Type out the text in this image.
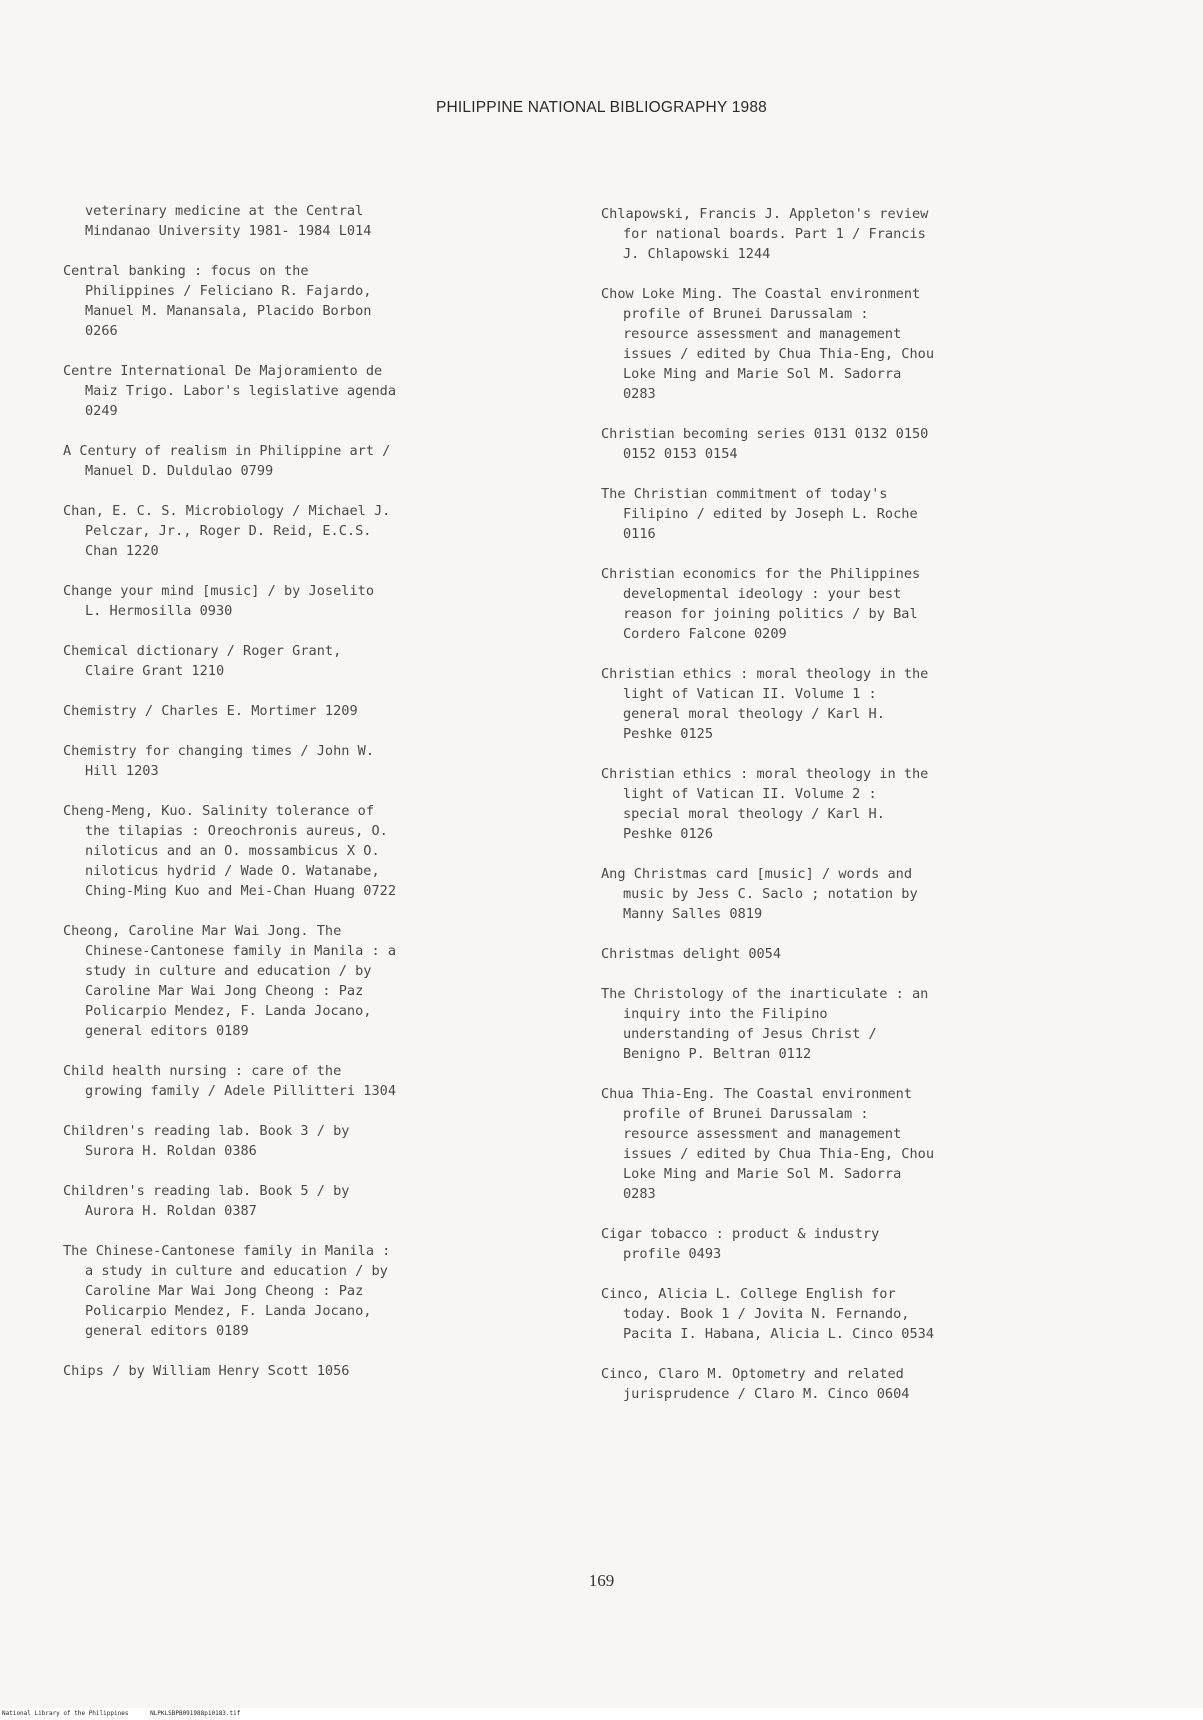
PHILIPPINE NATIONAL BIBLIOGRAPHY 1988
veterinary medicine at the Central
Mindanao University 1981- 1984 L014
Central banking : focus on the
Philippines / Feliciano R. Fajardo,
Manuel M. Manansala, Placido Borbon
0266
Centre International De Majoramiento de
Maiz Trigo. Labor's legislative agenda
0249
A Century of realism in Philippine art /
Manuel D. Duldulao 0799
Chan, E. C. S. Microbiology / Michael J.
Pelczar, Jr., Roger D. Reid, E.C.S.
Chan 1220
Change your mind [music] / by Joselito
L. Hermosilla 0930
Chemical dictionary / Roger Grant,
Claire Grant 1210
Chemistry / Charles E. Mortimer 1209
Chemistry for changing times / John W.
Hill 1203
Cheng-Meng, Kuo. Salinity tolerance of
the tilapias : Oreochronis aureus, O.
niloticus and an O. mossambicus X O.
niloticus hydrid / Wade O. Watanabe,
Ching-Ming Kuo and Mei-Chan Huang 0722
Cheong, Caroline Mar Wai Jong. The
Chinese-Cantonese family in Manila : a
study in culture and education / by
Caroline Mar Wai Jong Cheong : Paz
Policarpio Mendez, F. Landa Jocano,
general editors 0189
Child health nursing : care of the
growing family / Adele Pillitteri 1304
Children's reading lab. Book 3 / by
Surora H. Roldan 0386
Children's reading lab. Book 5 / by
Aurora H. Roldan 0387
The Chinese-Cantonese family in Manila :
a study in culture and education / by
Caroline Mar Wai Jong Cheong : Paz
Policarpio Mendez, F. Landa Jocano,
general editors 0189
Chips / by William Henry Scott 1056
Chlapowski, Francis J. Appleton's review
for national boards. Part 1 / Francis
J. Chlapowski 1244
Chow Loke Ming. The Coastal environment
profile of Brunei Darussalam :
resource assessment and management
issues / edited by Chua Thia-Eng, Chou
Loke Ming and Marie Sol M. Sadorra
0283
Christian becoming series 0131 0132 0150
0152 0153 0154
The Christian commitment of today's
Filipino / edited by Joseph L. Roche
0116
Christian economics for the Philippines
developmental ideology : your best
reason for joining politics / by Bal
Cordero Falcone 0209
Christian ethics : moral theology in the
light of Vatican II. Volume 1 :
general moral theology / Karl H.
Peshke 0125
Christian ethics : moral theology in the
light of Vatican II. Volume 2 :
special moral theology / Karl H.
Peshke 0126
Ang Christmas card [music] / words and
music by Jess C. Saclo ; notation by
Manny Salles 0819
Christmas delight 0054
The Christology of the inarticulate : an
inquiry into the Filipino
understanding of Jesus Christ /
Benigno P. Beltran 0112
Chua Thia-Eng. The Coastal environment
profile of Brunei Darussalam :
resource assessment and management
issues / edited by Chua Thia-Eng, Chou
Loke Ming and Marie Sol M. Sadorra
0283
Cigar tobacco : product & industry
profile 0493
Cinco, Alicia L. College English for
today. Book 1 / Jovita N. Fernando,
Pacita I. Habana, Alicia L. Cinco 0534
Cinco, Claro M. Optometry and related
jurisprudence / Claro M. Cinco 0604
169
National Library of the Philippines	NLPKLSBPB091988p10183.tif
